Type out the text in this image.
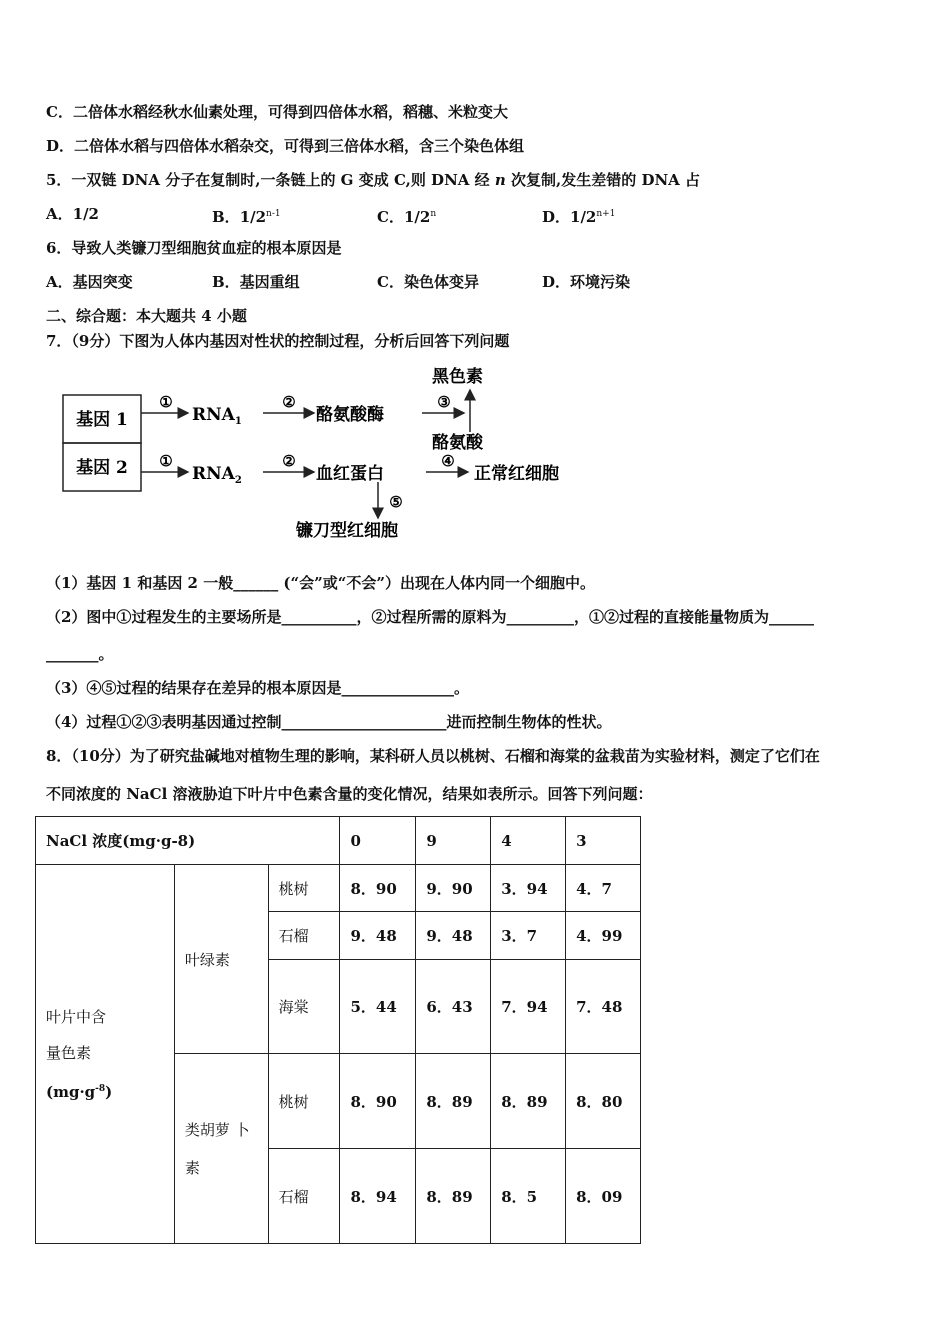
C．二倍体水稻经秋水仙素处理，可得到四倍体水稻，稻穗、米粒变大
D．二倍体水稻与四倍体水稻杂交，可得到三倍体水稻，含三个染色体组
5．一双链 DNA 分子在复制时,一条链上的 G 变成 C,则 DNA 经 n 次复制,发生差错的 DNA 占
A．1/2	B．1/2$^{n-1}$	C．1/2$^n$	D．$1/2^{n+1}$
6．导致人类镰刀型细胞贫血症的根本原因是
A．基因突变	B．基因重组	C．染色体变异	D．环境污染
二、综合题：本大题共 4 小题
7．（9分）下图为人体内基因对性状的控制过程，分析后回答下列问题
基因 1
基因 2
①
$RNA_1$
②
酪氨酸酶
③
黑色素
酪氨酸
①
$RNA_2$
②
血红蛋白
④
正常红细胞
⑤
镰刀型红细胞
（1）基因 1 和基因 2 一般______ (“会”或“不会”）出现在人体内同一个细胞中。
（2）图中①过程发生的主要场所是__________，②过程所需的原料为_________，①②过程的直接能量物质为______
_______。
（3）④⑤过程的结果存在差异的根本原因是_______________。
（4）过程①②③表明基因通过控制______________________进而控制生物体的性状。
8．（10分）为了研究盐碱地对植物生理的影响，某科研人员以桃树、石榴和海棠的盆栽苗为实验材料，测定了它们在
不同浓度的 NaCl 溶液胁迫下叶片中色素含量的变化情况，结果如表所示。回答下列问题：
NaCl 浓度(mg·g-8)			0	9	4	3

叶片中含
量色素
$(mg\cdot g^{-8})$	叶绿素	桃树	8．90	9．90	3．94	4．7
		石榴	9．48	9．48	3．7	4．99
		海棠	5．44	6．43	7．94	7．48

	类胡萝 卜
素	桃树	8．90	8．89	8．89	8．80
		石榴	8．94	8．89	8．5	8．09
